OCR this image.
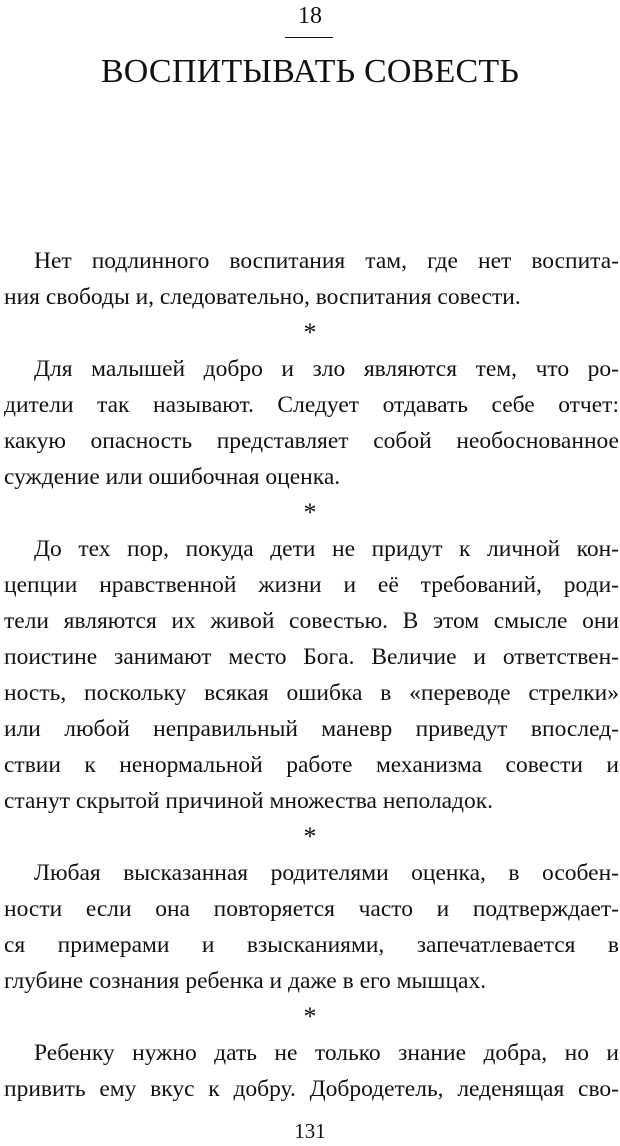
18
ВОСПИТЫВАТЬ СОВЕСТЬ
Нет подлинного воспитания там, где нет воспита-
ния свободы и, следовательно, воспитания совести.
*
Для малышей добро и зло являются тем, что ро-
дители так называют. Следует отдавать себе отчет:
какую опасность представляет собой необоснованное
суждение или ошибочная оценка.
*
До тех пор, покуда дети не придут к личной кон-
цепции нравственной жизни и её требований, роди-
тели являются их живой совестью. В этом смысле они
поистине занимают место Бога. Величие и ответствен-
ность, поскольку всякая ошибка в «переводе стрелки»
или любой неправильный маневр приведут впослед-
ствии к ненормальной работе механизма совести и
станут скрытой причиной множества неполадок.
*
Любая высказанная родителями оценка, в особен-
ности если она повторяется часто и подтверждает-
ся примерами и взысканиями, запечатлевается в
глубине сознания ребенка и даже в его мышцах.
*
Ребенку нужно дать не только знание добра, но и
привить ему вкус к добру. Добродетель, леденящая сво-
131
